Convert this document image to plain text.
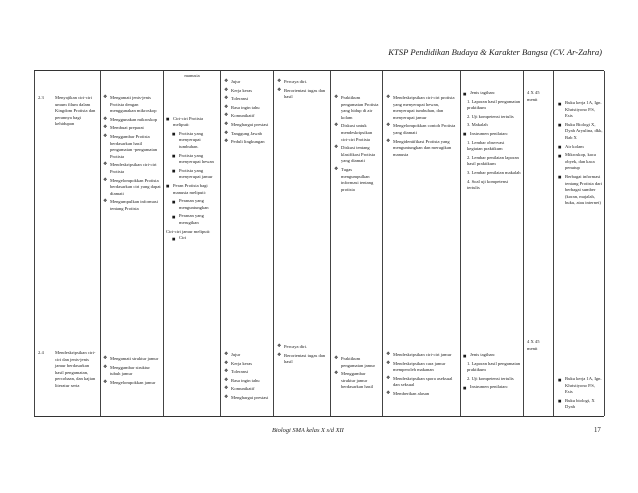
KTSP Pendidikan Budaya & Karakter Bangsa (CV. Ar-Zahra)
2.3	Menyajikan ciri-ciri umum filum dalam Kingdom Protista dan perannya bagi kehidupan
❖ Mengamati jenis-jenis Protista dengan menggunakan mikroskop
❖ Menggunakan mikroskop
❖ Membuat preparat
❖ Menggambar Protista berdasarkan hasil pengamatan -pengamatan Protista
❖ Mendeskripsikan ciri-ciri Protista
❖ Mengelompokkan Protista berdasarkan ciri yang dapat diamati
❖ Mengumpulkan informasi tentang Protista
manusia
■ Ciri-ciri Protista meliputi:
■ Protista yang menyerupai tumbuhan.
■ Protista yang menyerupai hewan
■ Protista yang menyerupai jamur
■ Peran Protista bagi manusia meliputi:
■ Peranan yang menguntungkan
■ Peranan yang merugikan
Ciri-ciri jamur meliputi:
■ Ciri
❖ Jujur
❖ Kerja keras
❖ Toleransi
❖ Rasa ingin tahu
❖ Komunikatif
❖ Menghargai prestasi
❖ Tanggung Jawab
❖ Peduli lingkungan
❖ Percaya diri.
❖ Berorientasi tugas dan hasil
❖	Praktikum pengamatan Protista yang hidup di air kolam
❖ Diskusi untuk mendeskripsikan ciri-ciri Protista
❖ Diskusi tentang klasifikasi Protista yang diamati
❖ Tugas mengumpulkan informasi tentang protista
❖ Mendeskripsikan ciri-ciri protista yang menyerupai hewan, menyerupai tumbuhan, dan menyerupai jamur
❖ Mengelompokkan contoh Protista yang diamati
❖ Mengidentifikasi Protista yang menguntungkan dan merugikan manusia
■ Jenis tagihan:
1. Laporan hasil pengamatan praktikum
2. Uji kompetensi tertulis
3. Makalah
■ Instrumen penilaian:
1. Lembar observasi kegiatan praktikum
2. Lembar penilaian laporan hasil praktikum
3. Lembar penilaian makalah
4. Soal uji kompetensi tertulis
4 X 45 menit
■ Buku kerja 1A, Ign. Khristiyono P.S, Esis
■ Buku Biologi X, Dyah Aryulina, dkk, Bab X
■ Air kolam
■ Mikroskop, kaca obyek, dan kaca penutup
■ Berbagai informasi tentang Protista dari berbagai sumber (koran, majalah, buku, atau internet)
2.4	Mendeskripsikan ciri-ciri dan jenis-jenis jamur berdasarkan hasil pengamatan, percobaan, dan kajian literatur serta
❖ Mengamati struktur jamur
❖ Menggambar struktur tubuh jamur
❖ Mengelompokkan jamur
❖ Jujur
❖ Kerja keras
❖ Toleransi
❖ Rasa ingin tahu
❖ Komunikatif
❖ Menghargai prestasi
❖ Percaya diri.
❖ Berorientasi tugas dan hasil
❖ Praktikum pengamatan jamur
❖ Menggambar struktur jamur berdasarkan hasil
❖ Mendeskripsikan ciri-ciri jamur
❖ Mendeskripsikan cara jamur memperoleh makanan
❖ Mendeskripsikan spora aseksual dan seksual
❖ Memberikan alasan
■ Jenis tagihan:
1. Laporan hasil pengamatan praktikum
2. Uji kompetensi tertulis
■ Instrumen penilaian:
4 X 45 menit
■ Buku kerja 1A, Ign. Khristiyono P.S, Esis
■ Buku biologi, X Dyah
Biologi SMA kelas X s/d XII	17
